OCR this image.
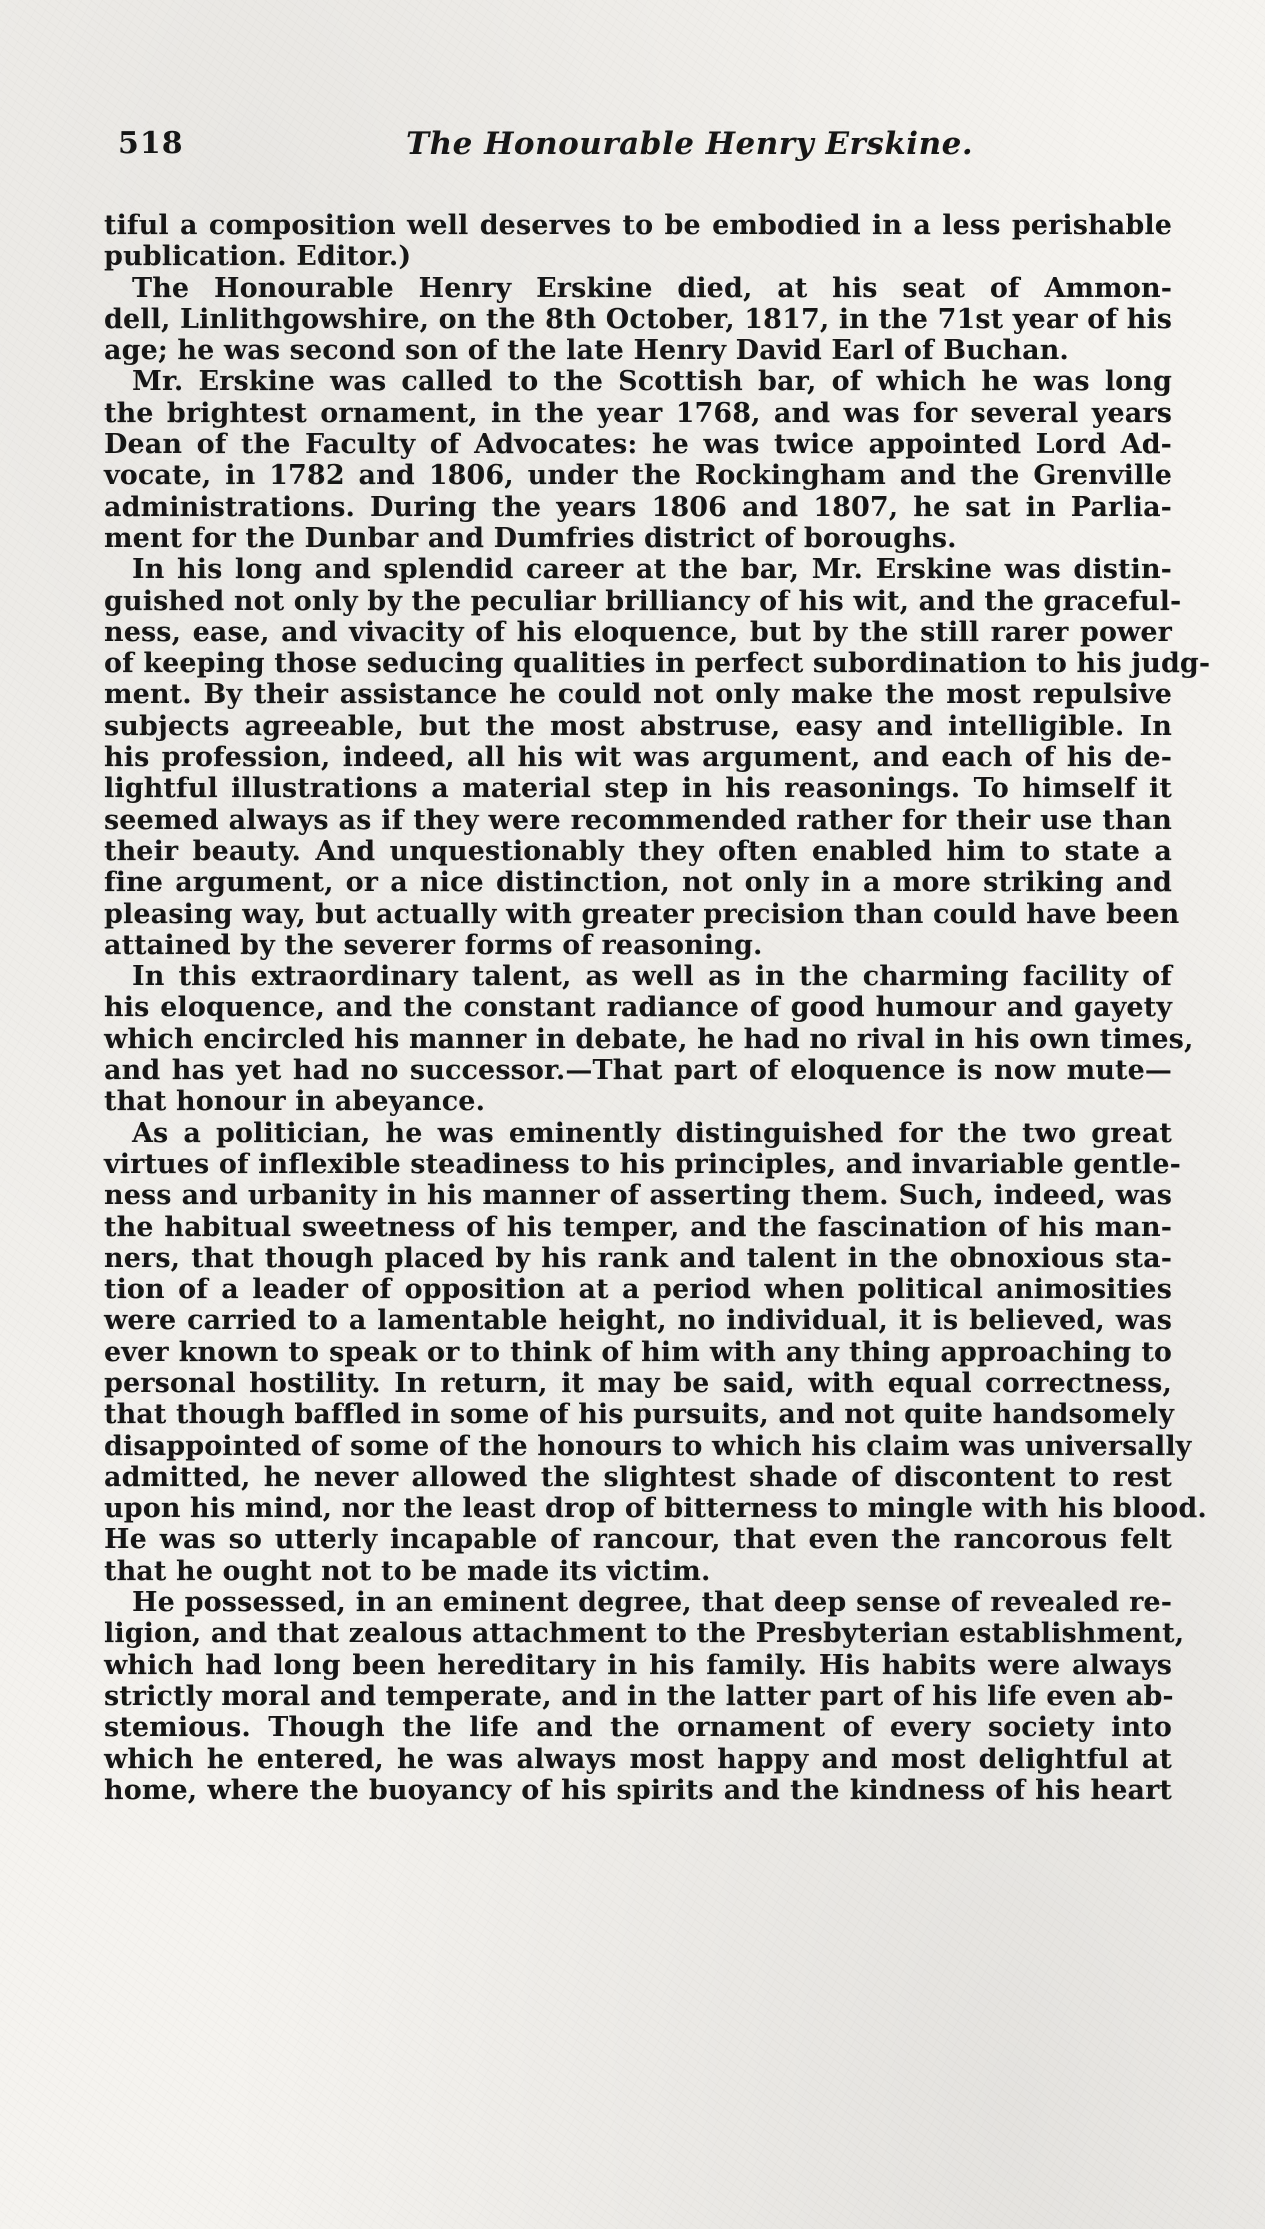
518	The Honourable Henry Erskine.
tiful a composition well deserves to be embodied in a less perishable
publication. Editor.)
The Honourable Henry Erskine died, at his seat of Ammon-
dell, Linlithgowshire, on the 8th October, 1817, in the 71st year of his
age; he was second son of the late Henry David Earl of Buchan.
Mr. Erskine was called to the Scottish bar, of which he was long
the brightest ornament, in the year 1768, and was for several years
Dean of the Faculty of Advocates: he was twice appointed Lord Ad-
vocate, in 1782 and 1806, under the Rockingham and the Grenville
administrations. During the years 1806 and 1807, he sat in Parlia-
ment for the Dunbar and Dumfries district of boroughs.
In his long and splendid career at the bar, Mr. Erskine was distin-
guished not only by the peculiar brilliancy of his wit, and the graceful-
ness, ease, and vivacity of his eloquence, but by the still rarer power
of keeping those seducing qualities in perfect subordination to his judg-
ment. By their assistance he could not only make the most repulsive
subjects agreeable, but the most abstruse, easy and intelligible. In
his profession, indeed, all his wit was argument, and each of his de-
lightful illustrations a material step in his reasonings. To himself it
seemed always as if they were recommended rather for their use than
their beauty. And unquestionably they often enabled him to state a
fine argument, or a nice distinction, not only in a more striking and
pleasing way, but actually with greater precision than could have been
attained by the severer forms of reasoning.
In this extraordinary talent, as well as in the charming facility of
his eloquence, and the constant radiance of good humour and gayety
which encircled his manner in debate, he had no rival in his own times,
and has yet had no successor.—That part of eloquence is now mute—
that honour in abeyance.
As a politician, he was eminently distinguished for the two great
virtues of inflexible steadiness to his principles, and invariable gentle-
ness and urbanity in his manner of asserting them. Such, indeed, was
the habitual sweetness of his temper, and the fascination of his man-
ners, that though placed by his rank and talent in the obnoxious sta-
tion of a leader of opposition at a period when political animosities
were carried to a lamentable height, no individual, it is believed, was
ever known to speak or to think of him with any thing approaching to
personal hostility. In return, it may be said, with equal correctness,
that though baffled in some of his pursuits, and not quite handsomely
disappointed of some of the honours to which his claim was universally
admitted, he never allowed the slightest shade of discontent to rest
upon his mind, nor the least drop of bitterness to mingle with his blood.
He was so utterly incapable of rancour, that even the rancorous felt
that he ought not to be made its victim.
He possessed, in an eminent degree, that deep sense of revealed re-
ligion, and that zealous attachment to the Presbyterian establishment,
which had long been hereditary in his family. His habits were always
strictly moral and temperate, and in the latter part of his life even ab-
stemious. Though the life and the ornament of every society into
which he entered, he was always most happy and most delightful at
home, where the buoyancy of his spirits and the kindness of his heart
